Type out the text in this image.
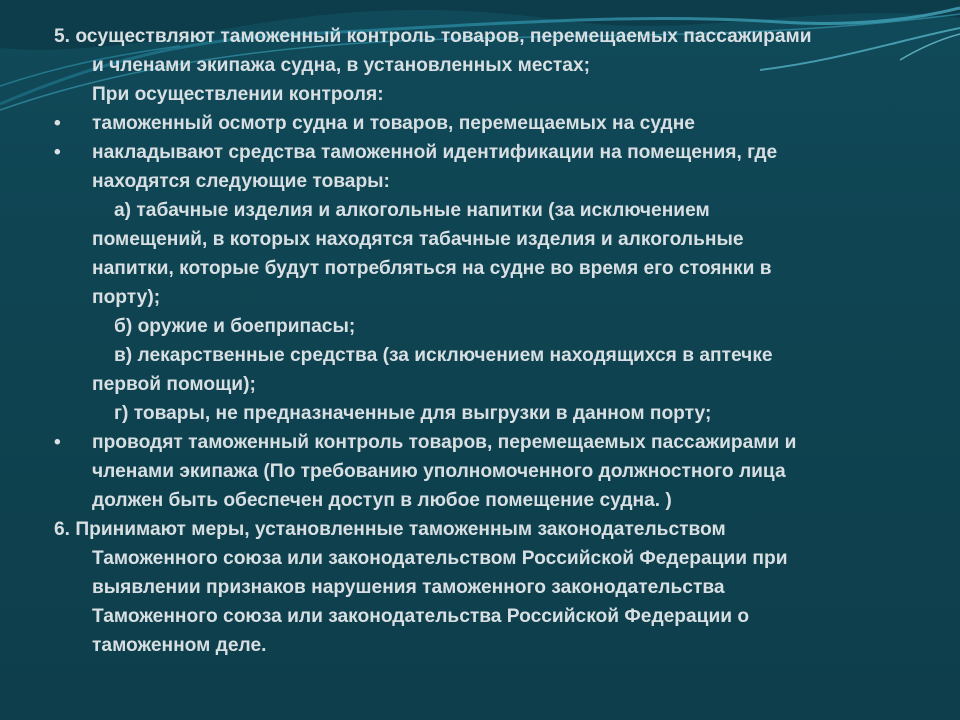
5. осуществляют таможенный контроль товаров, перемещаемых пассажирами
и членами экипажа судна, в установленных местах;
При осуществлении контроля:
•	таможенный осмотр судна и товаров, перемещаемых на судне
•	накладывают средства таможенной идентификации на помещения, где
находятся следующие товары:
а) табачные изделия и алкогольные напитки (за исключением
помещений, в которых находятся табачные изделия и алкогольные
напитки, которые будут потребляться на судне во время его стоянки в
порту);
б) оружие и боеприпасы;
в) лекарственные средства (за исключением находящихся в аптечке
первой помощи);
г) товары, не предназначенные для выгрузки в данном порту;
•	проводят таможенный контроль товаров, перемещаемых пассажирами и
членами экипажа (По требованию уполномоченного должностного лица
должен быть обеспечен доступ в любое помещение судна. )
6. Принимают меры, установленные таможенным законодательством
Таможенного союза или законодательством Российской Федерации при
выявлении признаков нарушения таможенного законодательства
Таможенного союза или законодательства Российской Федерации о
таможенном деле.
